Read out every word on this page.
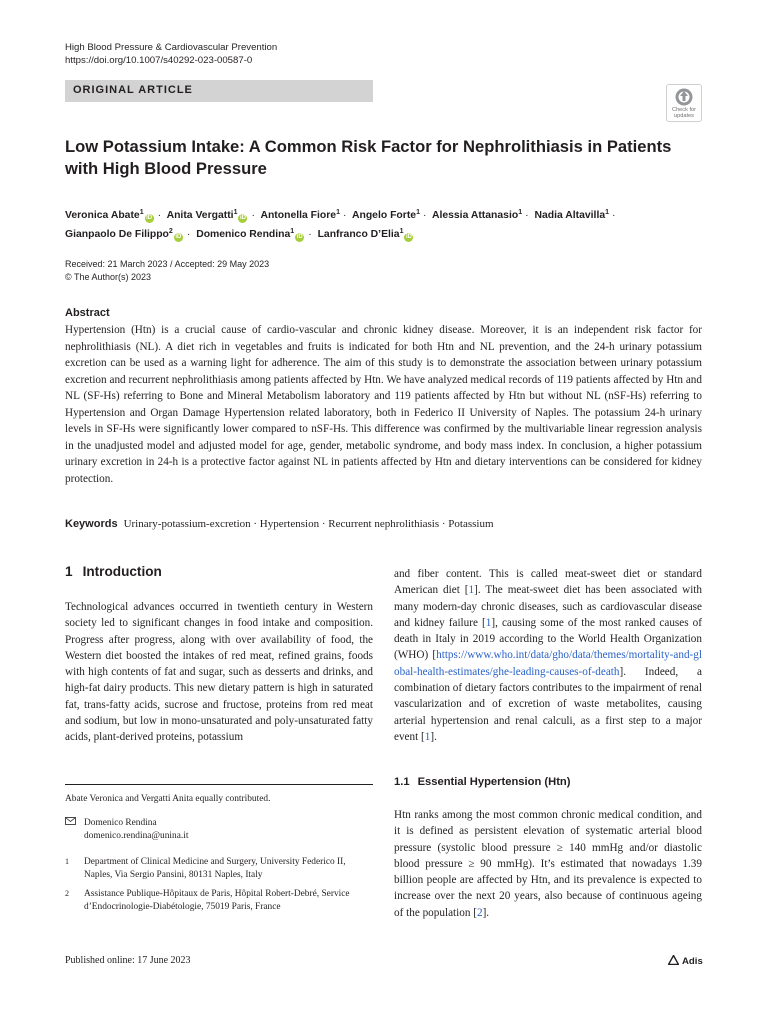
High Blood Pressure & Cardiovascular Prevention
https://doi.org/10.1007/s40292-023-00587-0
ORIGINAL ARTICLE
Check for
updates
Low Potassium Intake: A Common Risk Factor for Nephrolithiasis in Patients with High Blood Pressure
Veronica Abate$^1$iD · Anita Vergatti$^1$iD · Antonella Fiore$^1$ · Angelo Forte$^1$ · Alessia Attanasio$^1$ · Nadia Altavilla$^1$ ·
Gianpaolo De Filippo$^2$iD · Domenico Rendina$^1$iD · Lanfranco D’Elia$^1$iD
Received: 21 March 2023 / Accepted: 29 May 2023
© The Author(s) 2023
Abstract

Hypertension (Htn) is a crucial cause of cardio-vascular and chronic kidney disease. Moreover, it is an independent risk factor for nephrolithiasis (NL). A diet rich in vegetables and fruits is indicated for both Htn and NL prevention, and the 24-h urinary potassium excretion can be used as a warning light for adherence. The aim of this study is to demonstrate the association between urinary potassium excretion and recurrent nephrolithiasis among patients affected by Htn. We have analyzed medical records of 119 patients affected by Htn and NL (SF-Hs) referring to Bone and Mineral Metabolism laboratory and 119 patients affected by Htn but without NL (nSF-Hs) referring to Hypertension and Organ Damage Hypertension related laboratory, both in Federico II University of Naples. The potassium 24-h urinary levels in SF-Hs were significantly lower compared to nSF-Hs. This difference was confirmed by the multivariable linear regression analysis in the unadjusted model and adjusted model for age, gender, metabolic syndrome, and body mass index. In conclusion, a higher potassium urinary excretion in 24-h is a protective factor against NL in patients affected by Htn and dietary interventions can be considered for kidney protection.

Keywords Urinary-potassium-excretion · Hypertension · Recurrent nephrolithiasis · Potassium
1 Introduction

Technological advances occurred in twentieth century in Western society led to significant changes in food intake and composition. Progress after progress, along with over availability of food, the Western diet boosted the intakes of red meat, refined grains, foods with high contents of fat and sugar, such as desserts and drinks, and high-fat dairy products. This new dietary pattern is high in saturated fat, trans-fatty acids, sucrose and fructose, proteins from red meat and sodium, but low in mono-unsaturated and poly-unsaturated fatty acids, plant-derived proteins, potassium

and fiber content. This is called meat-sweet diet or standard American diet [1]. The meat-sweet diet has been associated with many modern-day chronic diseases, such as cardiovascular disease and kidney failure [1], causing some of the most ranked causes of death in Italy in 2019 according to the World Health Organization (WHO) [https://www.who.int/data/gho/data/themes/mortality-and-global-health-estimates/ghe-leading-causes-of-death]. Indeed, a combination of dietary factors contributes to the impairment of renal vascularization and of excretion of waste metabolites, causing arterial hypertension and renal calculi, as a first step to a major event [1].

1.1 Essential Hypertension (Htn)

Htn ranks among the most common chronic medical condition, and it is defined as persistent elevation of systematic arterial blood pressure (systolic blood pressure ≥ 140 mmHg and/or diastolic blood pressure ≥ 90 mmHg). It’s estimated that nowadays 1.39 billion people are affected by Htn, and its prevalence is expected to increase over the next 20 years, also because of continuous ageing of the population [2].

Abate Veronica and Vergatti Anita equally contributed.
Domenico Rendina
domenico.rendina@unina.it
1 Department of Clinical Medicine and Surgery, University Federico II, Naples, Via Sergio Pansini, 80131 Naples, Italy
2 Assistance Publique-Hôpitaux de Paris, Hôpital Robert-Debré, Service d’Endocrinologie-Diabétologie, 75019 Paris, France
Published online: 17 June 2023	Adis
